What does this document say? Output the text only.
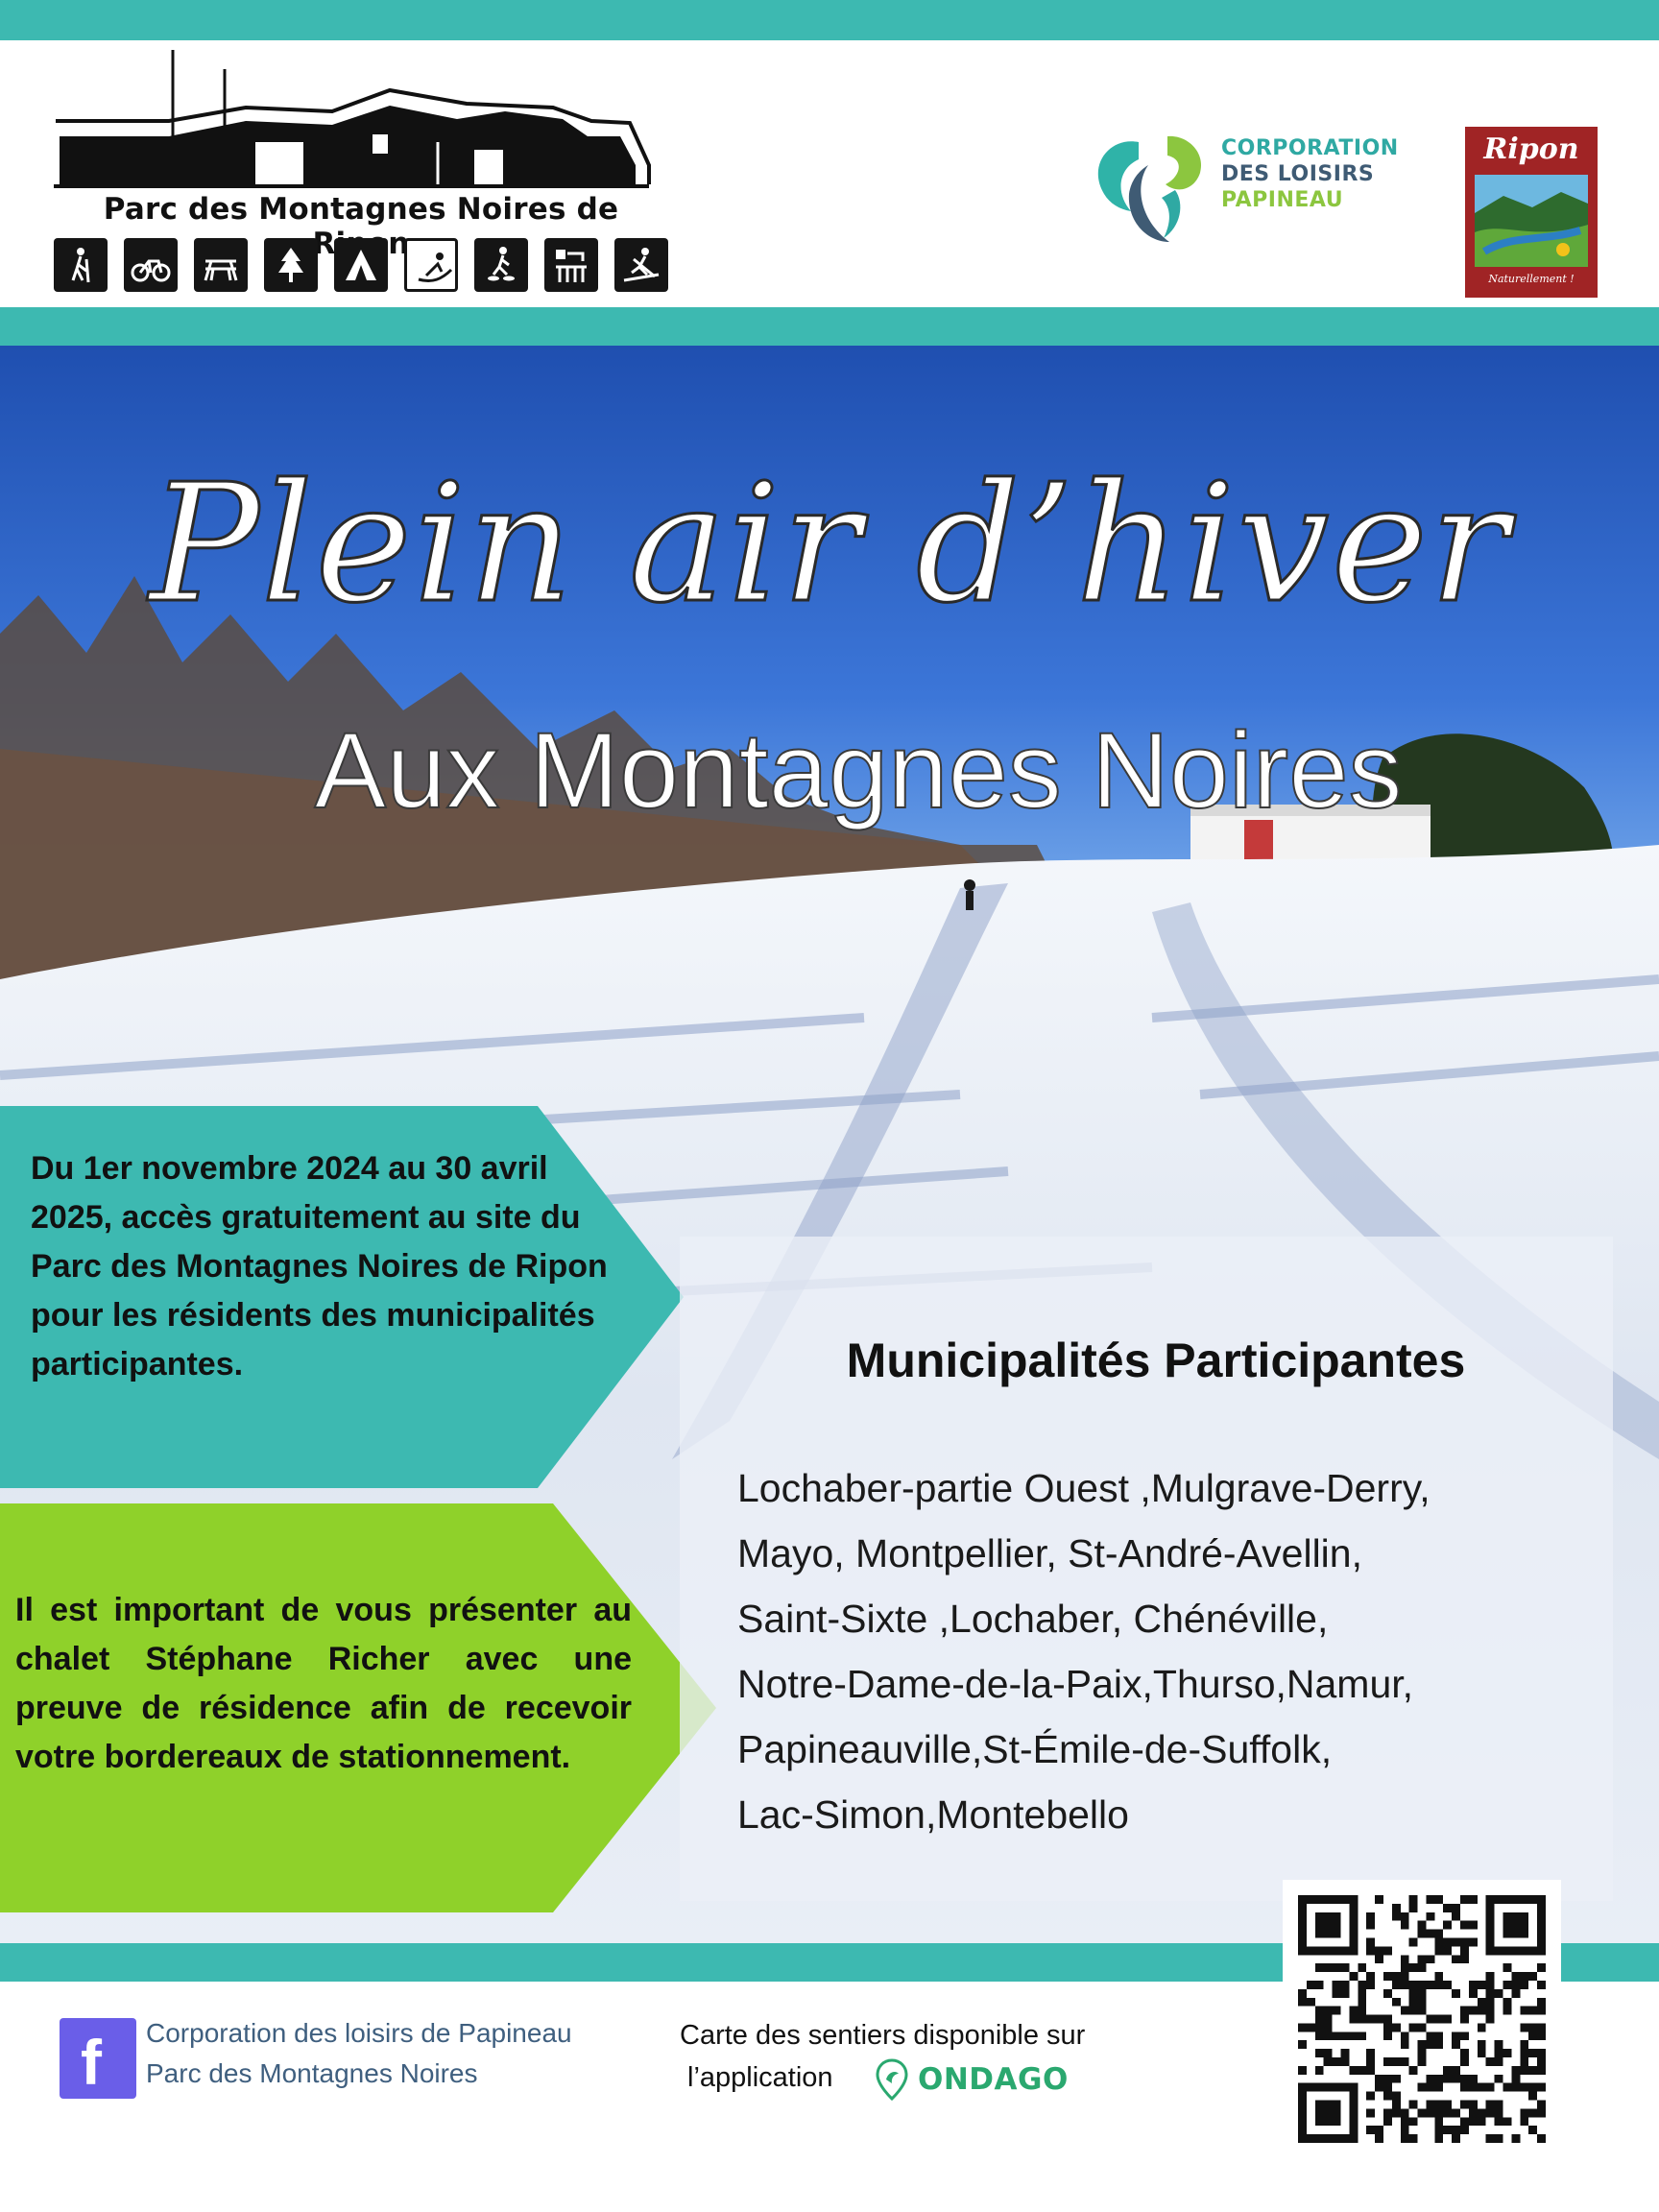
Parc des Montagnes Noires de
CORPORATION
DES LOISIRS
PAPINEAU
Ripon
Naturellement !
Plein air d’hiver
Aux Montagnes Noires
Du 1er novembre 2024 au 30 avril 2025, accès gratuitement au site du Parc des Montagnes Noires de Ripon pour les résidents des municipalités participantes.
Il est important de vous présenter au chalet Stéphane Richer avec une preuve de résidence afin de recevoir votre bordereaux de stationnement.
Municipalités Participantes
Lochaber-partie Ouest ,Mulgrave-Derry,
Mayo, Montpellier, St-André-Avellin,
Saint-Sixte ,Lochaber, Chénéville,
Notre-Dame-de-la-Paix,Thurso,Namur,
Papineauville,St-Émile-de-Suffolk,
Lac-Simon,Montebello
f Corporation des loisirs de Papineau
Parc des Montagnes Noires
Carte des sentiers disponible sur
l’application	ONDAGO
